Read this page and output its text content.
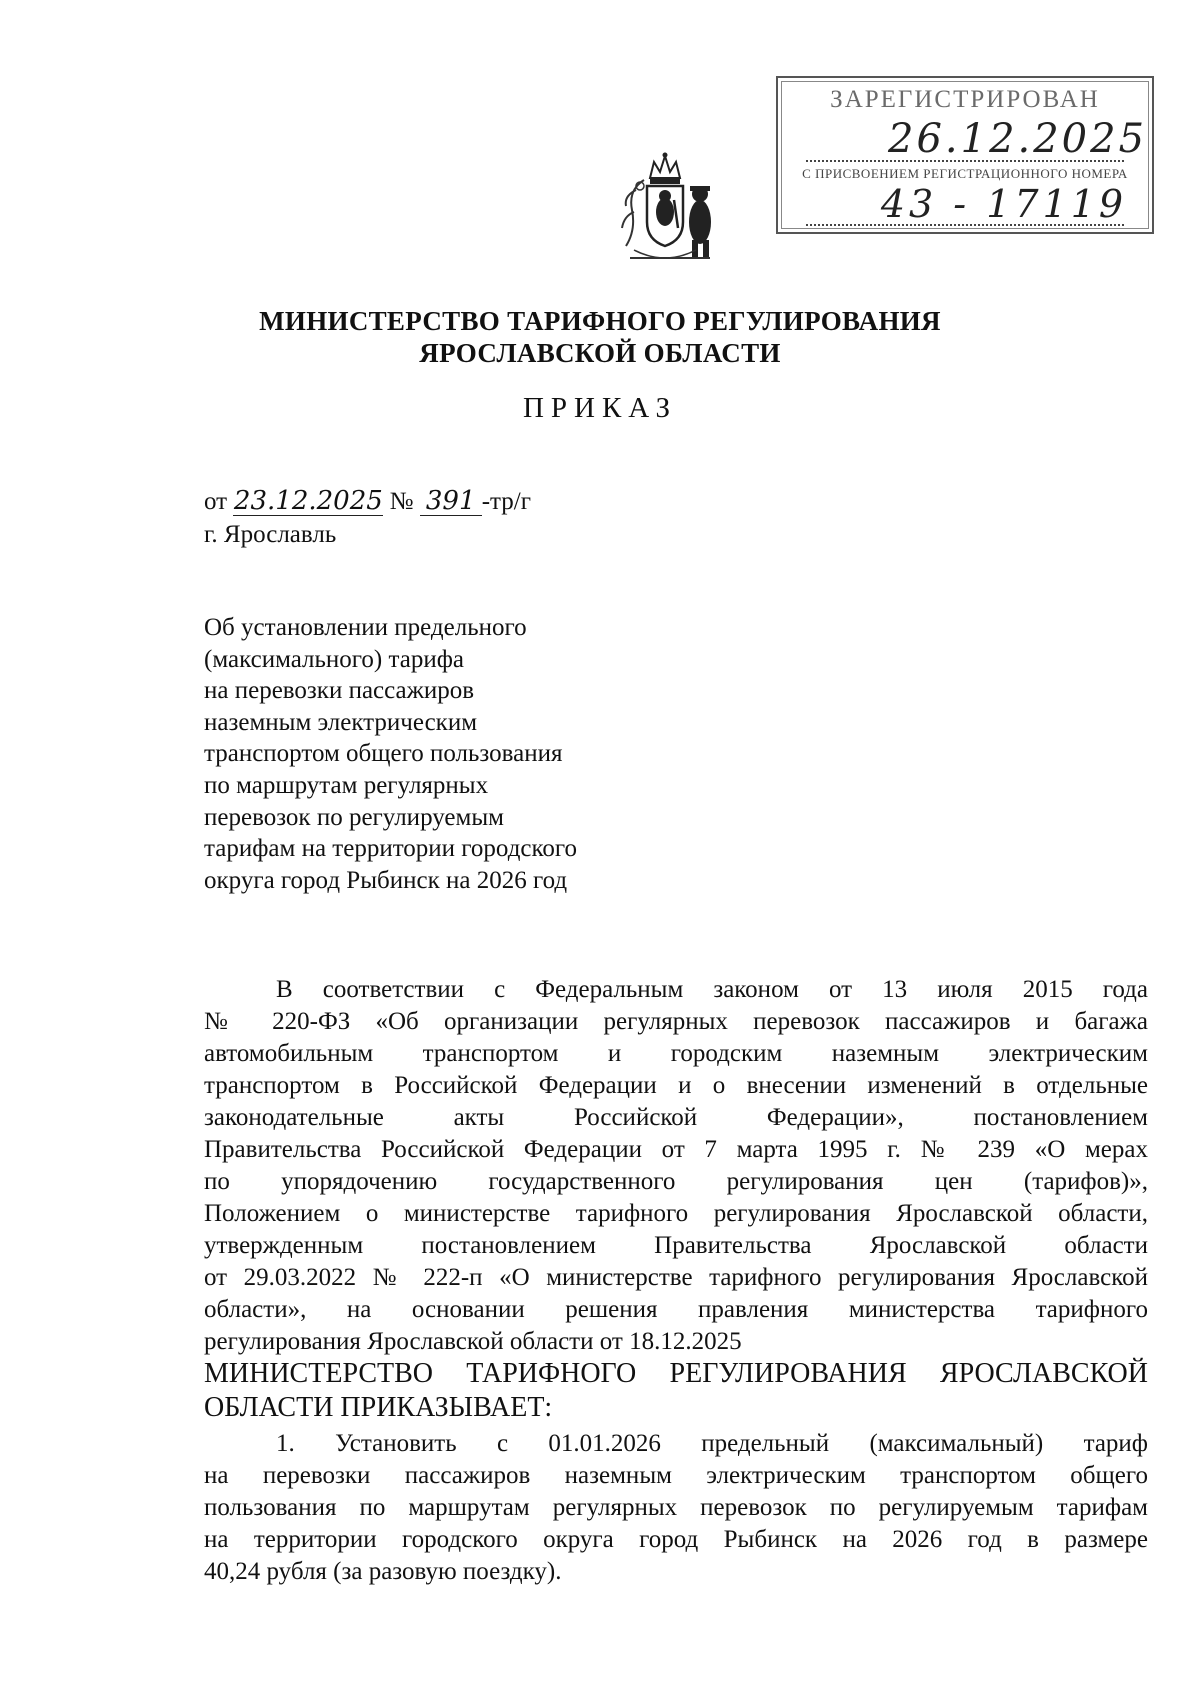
ЗАРЕГИСТРИРОВАН
26.12.2025
С ПРИСВОЕНИЕМ РЕГИСТРАЦИОННОГО НОМЕРА
43 - 17119
МИНИСТЕРСТВО ТАРИФНОГО РЕГУЛИРОВАНИЯ
ЯРОСЛАВСКОЙ ОБЛАСТИ
ПРИКАЗ
от 23.12.2025 № 391 -тр/г
г. Ярославль
Об установлении предельного
(максимального) тарифа
на перевозки пассажиров
наземным электрическим
транспортом общего пользования
по маршрутам регулярных
перевозок по регулируемым
тарифам на территории городского
округа город Рыбинск на 2026 год
В соответствии с Федеральным законом от 13 июля 2015 года
№ 220-ФЗ «Об организации регулярных перевозок пассажиров и багажа
автомобильным транспортом и городским наземным электрическим
транспортом в Российской Федерации и о внесении изменений в отдельные
законодательные акты Российской Федерации», постановлением
Правительства Российской Федерации от 7 марта 1995 г. № 239 «О мерах
по упорядочению государственного регулирования цен (тарифов)»,
Положением о министерстве тарифного регулирования Ярославской области,
утвержденным постановлением Правительства Ярославской области
от 29.03.2022 № 222-п «О министерстве тарифного регулирования Ярославской
области», на основании решения правления министерства тарифного
регулирования Ярославской области от 18.12.2025
МИНИСТЕРСТВО ТАРИФНОГО РЕГУЛИРОВАНИЯ ЯРОСЛАВСКОЙ
ОБЛАСТИ ПРИКАЗЫВАЕТ:
1. Установить с 01.01.2026 предельный (максимальный) тариф
на перевозки пассажиров наземным электрическим транспортом общего
пользования по маршрутам регулярных перевозок по регулируемым тарифам
на территории городского округа город Рыбинск на 2026 год в размере
40,24 рубля (за разовую поездку).
